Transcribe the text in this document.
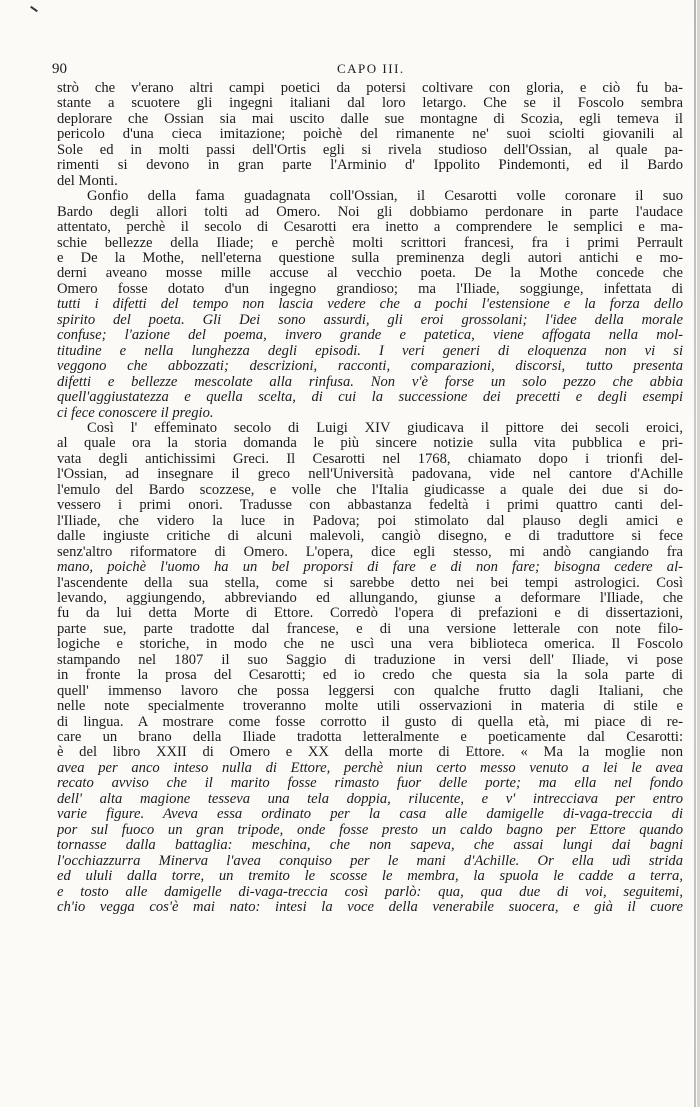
90	CAPO III.
strò che v'erano altri campi poetici da potersi coltivare con gloria, e ciò fu ba-
stante a scuotere gli ingegni italiani dal loro letargo. Che se il Foscolo sembra
deplorare che Ossian sia mai uscito dalle sue montagne di Scozia, egli temeva il
pericolo d'una cieca imitazione; poichè del rimanente ne' suoi sciolti giovanili al
Sole ed in molti passi dell'Ortis egli si rivela studioso dell'Ossian, al quale pa-
rimenti si devono in gran parte l'Arminio d' Ippolito Pindemonti, ed il Bardo
del Monti.
Gonfio della fama guadagnata coll'Ossian, il Cesarotti volle coronare il suo
Bardo degli allori tolti ad Omero. Noi gli dobbiamo perdonare in parte l'audace
attentato, perchè il secolo di Cesarotti era inetto a comprendere le semplici e ma-
schie bellezze della Iliade; e perchè molti scrittori francesi, fra i primi Perrault
e De la Mothe, nell'eterna questione sulla preminenza degli autori antichi e mo-
derni aveano mosse mille accuse al vecchio poeta. De la Mothe concede che
Omero fosse dotato d'un ingegno grandioso; ma l'Iliade, soggiunge, infettata di
tutti i difetti del tempo non lascia vedere che a pochi l'estensione e la forza dello
spirito del poeta. Gli Dei sono assurdi, gli eroi grossolani; l'idee della morale
confuse; l'azione del poema, invero grande e patetica, viene affogata nella mol-
titudine e nella lunghezza degli episodi. I veri generi di eloquenza non vi si
veggono che abbozzati; descrizioni, racconti, comparazioni, discorsi, tutto presenta
difetti e bellezze mescolate alla rinfusa. Non v'è forse un solo pezzo che abbia
quell'aggiustatezza e quella scelta, di cui la successione dei precetti e degli esempi
ci fece conoscere il pregio.
Così l' effeminato secolo di Luigi XIV giudicava il pittore dei secoli eroici,
al quale ora la storia domanda le più sincere notizie sulla vita pubblica e pri-
vata degli antichissimi Greci. Il Cesarotti nel 1768, chiamato dopo i trionfi del-
l'Ossian, ad insegnare il greco nell'Università padovana, vide nel cantore d'Achille
l'emulo del Bardo scozzese, e volle che l'Italia giudicasse a quale dei due si do-
vessero i primi onori. Tradusse con abbastanza fedeltà i primi quattro canti del-
l'Iliade, che videro la luce in Padova; poi stimolato dal plauso degli amici e
dalle ingiuste critiche di alcuni malevoli, cangiò disegno, e di traduttore si fece
senz'altro riformatore di Omero. L'opera, dice egli stesso, mi andò cangiando fra
mano, poichè l'uomo ha un bel proporsi di fare e di non fare; bisogna cedere al-
l'ascendente della sua stella, come si sarebbe detto nei bei tempi astrologici. Così
levando, aggiungendo, abbreviando ed allungando, giunse a deformare l'Iliade, che
fu da lui detta Morte di Ettore. Corredò l'opera di prefazioni e di dissertazioni,
parte sue, parte tradotte dal francese, e di una versione letterale con note filo-
logiche e storiche, in modo che ne uscì una vera biblioteca omerica. Il Foscolo
stampando nel 1807 il suo Saggio di traduzione in versi dell' Iliade, vi pose
in fronte la prosa del Cesarotti; ed io credo che questa sia la sola parte di
quell' immenso lavoro che possa leggersi con qualche frutto dagli Italiani, che
nelle note specialmente troveranno molte utili osservazioni in materia di stile e
di lingua. A mostrare come fosse corrotto il gusto di quella età, mi piace di re-
care un brano della Iliade tradotta letteralmente e poeticamente dal Cesarotti:
è del libro XXII di Omero e XX della morte di Ettore. « Ma la moglie non
avea per anco inteso nulla di Ettore, perchè niun certo messo venuto a lei le avea
recato avviso che il marito fosse rimasto fuor delle porte; ma ella nel fondo
dell' alta magione tesseva una tela doppia, rilucente, e v' intrecciava per entro
varie figure. Aveva essa ordinato per la casa alle damigelle di-vaga-treccia di
por sul fuoco un gran tripode, onde fosse presto un caldo bagno per Ettore quando
tornasse dalla battaglia: meschina, che non sapeva, che assai lungi dai bagni
l'occhiazzurra Minerva l'avea conquiso per le mani d'Achille. Or ella udì strida
ed ululi dalla torre, un tremito le scosse le membra, la spuola le cadde a terra,
e tosto alle damigelle di-vaga-treccia così parlò: qua, qua due di voi, seguitemi,
ch'io vegga cos'è mai nato: intesi la voce della venerabile suocera, e già il cuore
